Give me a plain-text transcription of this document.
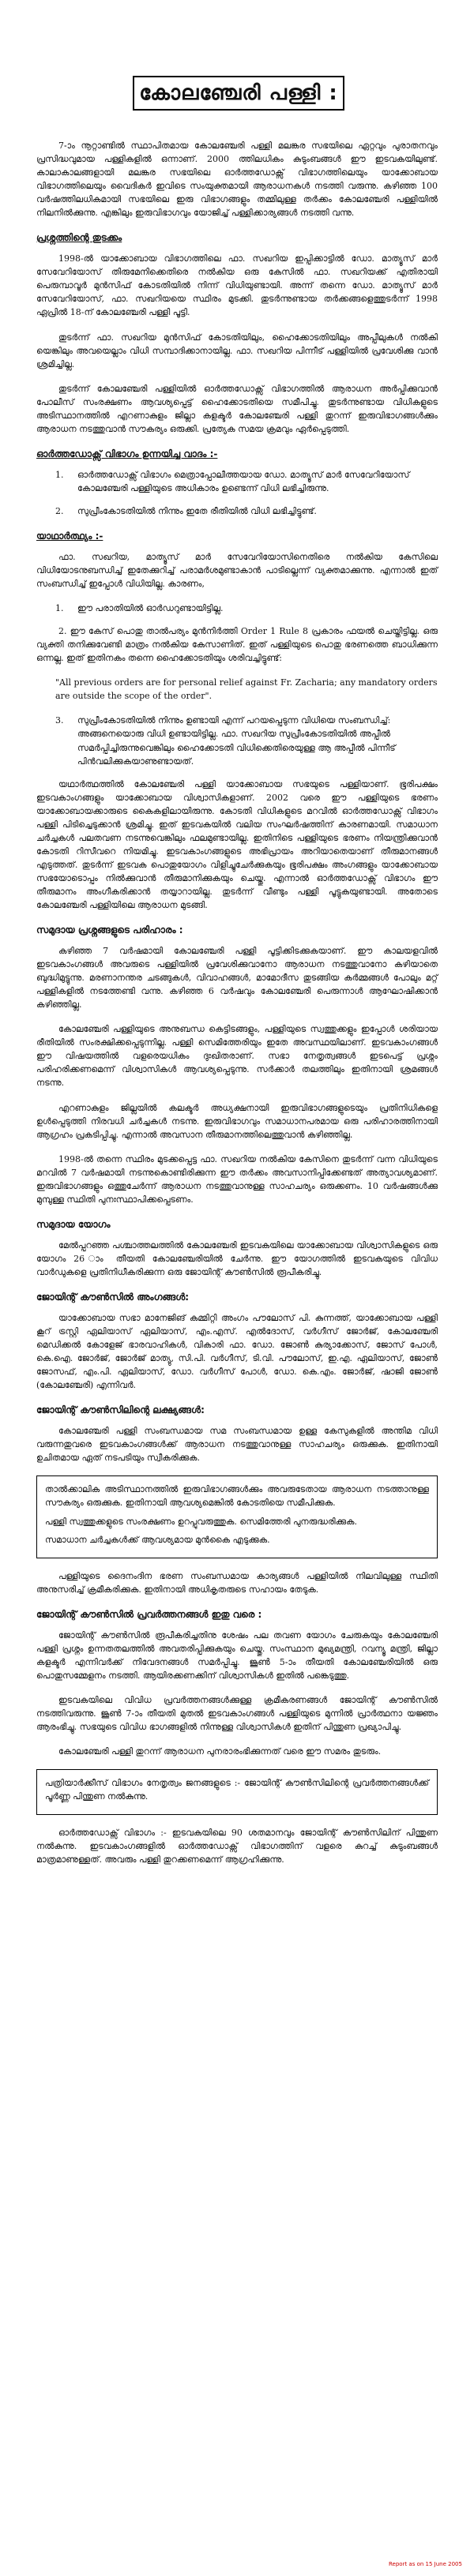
കോലഞ്ചേരി പള്ളി :

7-ാം നൂറ്റാണ്ടിൽ സ്ഥാപിതമായ കോലഞ്ചേരി പള്ളി മലങ്കര സഭയിലെ ഏറ്റവും പുരാതനവും പ്രസിദ്ധവുമായ പള്ളികളിൽ ഒന്നാണ്. 2000 ത്തിലധികം കുടുംബങ്ങൾ ഈ ഇടവകയിലുണ്ട്. കാലാകാലങ്ങളായി മലങ്കര സഭയിലെ ഓർത്തഡോക്സ് വിഭാഗത്തിലെയും യാക്കോബായ വിഭാഗത്തിലെയും വൈദികർ ഇവിടെ സംയുക്തമായി ആരാധനകൾ നടത്തി വരുന്നു. കഴിഞ്ഞ 100 വർഷത്തിലധികമായി സഭയിലെ ഇരു വിഭാഗങ്ങളും തമ്മിലുള്ള തർക്കം കോലഞ്ചേരി പള്ളിയിൽ നിലനിൽക്കുന്നു. എങ്കിലും ഇരുവിഭാഗവും യോജിച്ച് പള്ളിക്കാര്യങ്ങൾ നടത്തി വന്നു.

പ്രശ്നത്തിന്റെ തുടക്കം

1998-ൽ യാക്കോബായ വിഭാഗത്തിലെ ഫാ. സഖറിയ ഇപ്പിക്കാട്ടിൽ ഡോ. മാത്യൂസ് മാർ സേവേറിയോസ് തിരുമേനിക്കെതിരെ നൽകിയ ഒരു കേസിൽ ഫാ. സഖറിയക്ക് എതിരായി പെരുമ്പാവൂർ മുൻസിഫ് കോടതിയിൽ നിന്ന് വിധിയുണ്ടായി. അന്ന് തന്നെ ഡോ. മാത്യൂസ് മാർ സേവേറിയോസ്, ഫാ. സഖറിയയെ സ്ഥിരം മുടക്കി. തുടർന്നുണ്ടായ തർക്കങ്ങളെത്തുടർന്ന് 1998 ഏപ്രിൽ 18-ന് കോലഞ്ചേരി പള്ളി പൂട്ടി.

തുടർന്ന് ഫാ. സഖറിയ മുൻസിഫ് കോടതിയിലും, ഹൈക്കോടതിയിലും അപ്പീലുകൾ നൽകി യെങ്കിലും അവയെല്ലാം വിധി സമ്പാദിക്കാനായില്ല. ഫാ. സഖറിയ പിന്നീട് പള്ളിയിൽ പ്രവേശിക്കു വാൻ ശ്രമിച്ചില്ല.

തുടർന്ന് കോലഞ്ചേരി പള്ളിയിൽ ഓർത്തഡോക്സ് വിഭാഗത്തിൽ ആരാധന അർപ്പിക്കുവാൻ പോലീസ് സംരക്ഷണം ആവശ്യപ്പെട്ട് ഹൈക്കോടതിയെ സമീപിച്ചു. തുടർന്നുണ്ടായ വിധികളുടെ അടിസ്ഥാനത്തിൽ എറണാകുളം ജില്ലാ കളക്ടർ കോലഞ്ചേരി പള്ളി തുറന്ന് ഇരുവിഭാഗങ്ങൾക്കും ആരാധന നടത്തുവാൻ സൗകര്യം ഒരുക്കി. പ്രത്യേക സമയ ക്രമവും ഏർപ്പെടുത്തി.

ഓർത്തഡോക്സ് വിഭാഗം ഉന്നയിച്ച വാദം :-
1.	ഓർത്തഡോക്സ് വിഭാഗം മെത്രാപ്പോലീത്തയായ ഡോ. മാത്യൂസ് മാർ സേവേറിയോസ് കോലഞ്ചേരി പള്ളിയുടെ അധികാരം ഉണ്ടെന്ന് വിധി ലഭിച്ചിരുന്നു.
2.	സുപ്രീംകോടതിയിൽ നിന്നും ഇതേ രീതിയിൽ വിധി ലഭിച്ചിട്ടുണ്ട്.
യാഥാർത്ഥ്യം :-

ഫാ. സഖറിയ, മാത്യൂസ് മാർ സേവേറിയോസിനെതിരെ നൽകിയ കേസിലെ വിധിയോടനുബന്ധിച്ച് ഇതേക്കുറിച്ച് പരാമർശമുണ്ടാകാൻ പാടില്ലെന്ന് വ്യക്തമാക്കുന്നു. എന്നാൽ ഇത് സംബന്ധിച്ച് ഇപ്പോൾ വിധിയില്ല. കാരണം,

1.	ഈ പരാതിയിൽ ഓർഡറുണ്ടായിട്ടില്ല.

2. ഈ കേസ് പൊതു താൽപര്യം മുൻനിർത്തി Order 1 Rule 8 പ്രകാരം ഫയൽ ചെയ്തിട്ടില്ല. ഒരു വ്യക്തി തനിക്കുവേണ്ടി മാത്രം നൽകിയ കേസാണിത്. ഇത് പള്ളിയുടെ പൊതു ഭരണത്തെ ബാധിക്കുന്ന ഒന്നല്ല. ഇത് ഇതിനകം തന്നെ ഹൈക്കോടതിയും ശരിവച്ചിട്ടുണ്ട്:

"All previous orders are for personal relief against Fr. Zacharia; any mandatory orders are outside the scope of the order".
3.	സുപ്രീംകോടതിയിൽ നിന്നും ഉണ്ടായി എന്ന് പറയപ്പെടുന്ന വിധിയെ സംബന്ധിച്ച്: അങ്ങനെയൊരു വിധി ഉണ്ടായിട്ടില്ല. ഫാ. സഖറിയ സുപ്രീംകോടതിയിൽ അപ്പീൽ സമർപ്പിച്ചിരുന്നുവെങ്കിലും ഹൈക്കോടതി വിധിക്കെതിരെയുള്ള ആ അപ്പീൽ പിന്നീട് പിൻവലിക്കുകയാണുണ്ടായത്.

യഥാർത്ഥത്തിൽ കോലഞ്ചേരി പള്ളി യാക്കോബായ സഭയുടെ പള്ളിയാണ്. ഭൂരിപക്ഷം ഇടവകാംഗങ്ങളും യാക്കോബായ വിശ്വാസികളാണ്. 2002 വരെ ഈ പള്ളിയുടെ ഭരണം യാക്കോബായക്കാരുടെ കൈകളിലായിരുന്നു. കോടതി വിധികളുടെ മറവിൽ ഓർത്തഡോക്സ് വിഭാഗം പള്ളി പിടിച്ചെടുക്കാൻ ശ്രമിച്ചു. ഇത് ഇടവകയിൽ വലിയ സംഘർഷത്തിന് കാരണമായി. സമാധാന ചർച്ചകൾ പലതവണ നടന്നുവെങ്കിലും ഫലമുണ്ടായില്ല. ഇതിനിടെ പള്ളിയുടെ ഭരണം നിയന്ത്രിക്കുവാൻ കോടതി റിസീവറെ നിയമിച്ചു. ഇടവകാംഗങ്ങളുടെ അഭിപ്രായം അറിയാതെയാണ് തീരുമാനങ്ങൾ എടുത്തത്. തുടർന്ന് ഇടവക പൊതുയോഗം വിളിച്ചുചേർക്കുകയും ഭൂരിപക്ഷം അംഗങ്ങളും യാക്കോബായ സഭയോടൊപ്പം നിൽക്കുവാൻ തീരുമാനിക്കുകയും ചെയ്തു. എന്നാൽ ഓർത്തഡോക്സ് വിഭാഗം ഈ തീരുമാനം അംഗീകരിക്കാൻ തയ്യാറായില്ല. തുടർന്ന് വീണ്ടും പള്ളി പൂട്ടുകയുണ്ടായി. അതോടെ കോലഞ്ചേരി പള്ളിയിലെ ആരാധന മുടങ്ങി.

സമുദായ പ്രശ്നങ്ങളുടെ പരിഹാരം :

കഴിഞ്ഞ 7 വർഷമായി കോലഞ്ചേരി പള്ളി പൂട്ടിക്കിടക്കുകയാണ്. ഈ കാലയളവിൽ ഇടവകാംഗങ്ങൾ അവരുടെ പള്ളിയിൽ പ്രവേശിക്കുവാനോ ആരാധന നടത്തുവാനോ കഴിയാതെ ബുദ്ധിമുട്ടുന്നു. മരണാനന്തര ചടങ്ങുകൾ, വിവാഹങ്ങൾ, മാമോദീസ തുടങ്ങിയ കർമ്മങ്ങൾ പോലും മറ്റ് പള്ളികളിൽ നടത്തേണ്ടി വന്നു. കഴിഞ്ഞ 6 വർഷവും കോലഞ്ചേരി പെരുന്നാൾ ആഘോഷിക്കാൻ കഴിഞ്ഞില്ല.

കോലഞ്ചേരി പള്ളിയുടെ അനുബന്ധ കെട്ടിടങ്ങളും, പള്ളിയുടെ സ്വത്തുക്കളും ഇപ്പോൾ ശരിയായ രീതിയിൽ സംരക്ഷിക്കപ്പെടുന്നില്ല. പള്ളി സെമിത്തേരിയും ഇതേ അവസ്ഥയിലാണ്. ഇടവകാംഗങ്ങൾ ഈ വിഷയത്തിൽ വളരെയധികം ദുഃഖിതരാണ്. സഭാ നേതൃത്വങ്ങൾ ഇടപെട്ട് പ്രശ്നം പരിഹരിക്കണമെന്ന് വിശ്വാസികൾ ആവശ്യപ്പെടുന്നു. സർക്കാർ തലത്തിലും ഇതിനായി ശ്രമങ്ങൾ നടന്നു.

എറണാകുളം ജില്ലയിൽ കലക്ടർ അധ്യക്ഷനായി ഇരുവിഭാഗങ്ങളുടെയും പ്രതിനിധികളെ ഉൾപ്പെടുത്തി നിരവധി ചർച്ചകൾ നടന്നു. ഇരുവിഭാഗവും സമാധാനപരമായ ഒരു പരിഹാരത്തിനായി ആഗ്രഹം പ്രകടിപ്പിച്ചു. എന്നാൽ അവസാന തീരുമാനത്തിലെത്തുവാൻ കഴിഞ്ഞില്ല.

1998-ൽ തന്നെ സ്ഥിരം മുടക്കപ്പെട്ട ഫാ. സഖറിയ നൽകിയ കേസിനെ തുടർന്ന് വന്ന വിധിയുടെ മറവിൽ 7 വർഷമായി നടന്നുകൊണ്ടിരിക്കുന്ന ഈ തർക്കം അവസാനിപ്പിക്കേണ്ടത് അത്യാവശ്യമാണ്. ഇരുവിഭാഗങ്ങളും ഒത്തുചേർന്ന് ആരാധന നടത്തുവാനുള്ള സാഹചര്യം ഒരുക്കണം. 10 വർഷങ്ങൾക്കു മുമ്പുള്ള സ്ഥിതി പുനഃസ്ഥാപിക്കപ്പെടണം.

സമുദായ യോഗം

മേൽപ്പറഞ്ഞ പശ്ചാത്തലത്തിൽ കോലഞ്ചേരി ഇടവകയിലെ യാക്കോബായ വിശ്വാസികളുടെ ഒരു യോഗം 26 ാം തീയതി കോലഞ്ചേരിയിൽ ചേർന്നു. ഈ യോഗത്തിൽ ഇടവകയുടെ വിവിധ വാർഡുകളെ പ്രതിനിധീകരിക്കുന്ന ഒരു ജോയിന്റ് കൗൺസിൽ രൂപീകരിച്ചു.

ജോയിന്റ് കൗൺസിൽ അംഗങ്ങൾ:

യാക്കോബായ സഭാ മാനേജിങ് കമ്മിറ്റി അംഗം പൗലോസ് പി. കുന്നത്ത്, യാക്കോബായ പള്ളി കൂറ് ട്രസ്റ്റി ഏലിയാസ് ഏലിയാസ്, എം.എസ്. എൽദോസ്, വർഗീസ് ജോർജ്, കോലഞ്ചേരി മെഡിക്കൽ കോളേജ് ഭാരവാഹികൾ, വികാരി ഫാ. ഡോ. ജോൺ കുര്യാക്കോസ്, ജോസ് പോൾ, കെ.ഐ. ജോർജ്, ജോർജ് മാത്യു, സി.പി. വർഗീസ്, ടി.വി. പൗലോസ്, ഇ.എ. ഏലിയാസ്, ജോൺ ജോസഫ്, എം.പി. ഏലിയാസ്, ഡോ. വർഗീസ് പോൾ, ഡോ. കെ.എം. ജോർജ്, ഷാജി ജോൺ (കോലഞ്ചേരി) എന്നിവർ.

ജോയിന്റ് കൗൺസിലിന്റെ ലക്ഷ്യങ്ങൾ:

കോലഞ്ചേരി പള്ളി സംബന്ധമായ സമ സംബന്ധമായ ഉള്ള കേസുകളിൽ അന്തിമ വിധി വരുന്നതുവരെ ഇടവകാംഗങ്ങൾക്ക് ആരാധന നടത്തുവാനുള്ള സാഹചര്യം ഒരുക്കുക. ഇതിനായി ഉചിതമായ ഏത് നടപടിയും സ്വീകരിക്കുക.

താൽക്കാലിക അടിസ്ഥാനത്തിൽ ഇരുവിഭാഗങ്ങൾക്കും അവരുടേതായ ആരാധന നടത്താനുള്ള സൗകര്യം ഒരുക്കുക. ഇതിനായി ആവശ്യമെങ്കിൽ കോടതിയെ സമീപിക്കുക.

പള്ളി സ്വത്തുക്കളുടെ സംരക്ഷണം ഉറപ്പുവരുത്തുക. സെമിത്തേരി പുനരുദ്ധരിക്കുക.

സമാധാന ചർച്ചകൾക്ക് ആവശ്യമായ മുൻകൈ എടുക്കുക.

പള്ളിയുടെ ദൈനംദിന ഭരണ സംബന്ധമായ കാര്യങ്ങൾ പള്ളിയിൽ നിലവിലുള്ള സ്ഥിതി അനുസരിച്ച് ക്രമീകരിക്കുക. ഇതിനായി അധികൃതരുടെ സഹായം തേടുക.

ജോയിന്റ് കൗൺസിൽ പ്രവർത്തനങ്ങൾ ഇതു വരെ :

ജോയിന്റ് കൗൺസിൽ രൂപീകരിച്ചതിനു ശേഷം പല തവണ യോഗം ചേരുകയും കോലഞ്ചേരി പള്ളി പ്രശ്നം ഉന്നതതലത്തിൽ അവതരിപ്പിക്കുകയും ചെയ്തു. സംസ്ഥാന മുഖ്യമന്ത്രി, റവന്യൂ മന്ത്രി, ജില്ലാ കളക്ടർ എന്നിവർക്ക് നിവേദനങ്ങൾ സമർപ്പിച്ചു. ജൂൺ 5-ാം തീയതി കോലഞ്ചേരിയിൽ ഒരു പൊതുസമ്മേളനം നടത്തി. ആയിരക്കണക്കിന് വിശ്വാസികൾ ഇതിൽ പങ്കെടുത്തു.

ഇടവകയിലെ വിവിധ പ്രവർത്തനങ്ങൾക്കുള്ള ക്രമീകരണങ്ങൾ ജോയിന്റ് കൗൺസിൽ നടത്തിവരുന്നു. ജൂൺ 7-ാം തീയതി മുതൽ ഇടവകാംഗങ്ങൾ പള്ളിയുടെ മുന്നിൽ പ്രാർത്ഥനാ യജ്ഞം ആരംഭിച്ചു. സഭയുടെ വിവിധ ഭാഗങ്ങളിൽ നിന്നുള്ള വിശ്വാസികൾ ഇതിന് പിന്തുണ പ്രഖ്യാപിച്ചു.

കോലഞ്ചേരി പള്ളി തുറന്ന് ആരാധന പുനരാരംഭിക്കുന്നത് വരെ ഈ സമരം തുടരും.

പത്രിയാർക്കീസ് വിഭാഗം നേതൃത്വം ജനങ്ങളുടെ :- ജോയിന്റ് കൗൺസിലിന്റെ പ്രവർത്തനങ്ങൾക്ക് പൂർണ്ണ പിന്തുണ നൽകുന്നു.

ഓർത്തഡോക്സ് വിഭാഗം :- ഇടവകയിലെ 90 ശതമാനവും ജോയിന്റ് കൗൺസിലിന് പിന്തുണ നൽകുന്നു. ഇടവകാംഗങ്ങളിൽ ഓർത്തഡോക്സ് വിഭാഗത്തിന് വളരെ കുറച്ച് കുടുംബങ്ങൾ മാത്രമാണുള്ളത്. അവരും പള്ളി തുറക്കണമെന്ന് ആഗ്രഹിക്കുന്നു.

Report as on 15 June 2005
